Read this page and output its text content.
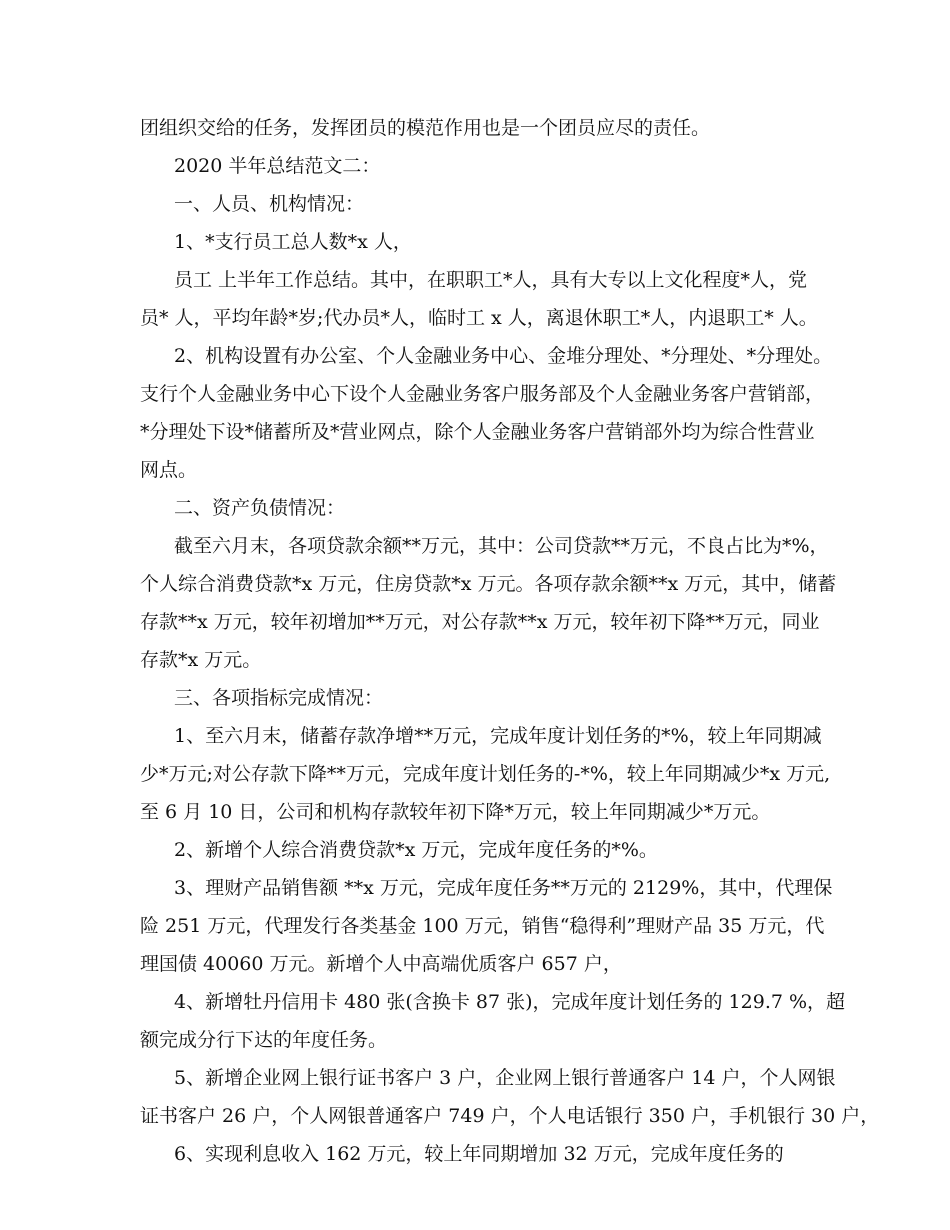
团组织交给的任务，发挥团员的模范作用也是一个团员应尽的责任。
2020 半年总结范文二：
一、人员、机构情况：
1、*支行员工总人数*x 人，
员工 上半年工作总结。其中，在职职工*人，具有大专以上文化程度*人，党
员* 人，平均年龄*岁;代办员*人，临时工 x 人，离退休职工*人，内退职工* 人。
2、机构设置有办公室、个人金融业务中心、金堆分理处、*分理处、*分理处。
支行个人金融业务中心下设个人金融业务客户服务部及个人金融业务客户营销部，
*分理处下设*储蓄所及*营业网点，除个人金融业务客户营销部外均为综合性营业
网点。
二、资产负债情况：
截至六月末，各项贷款余额**万元，其中：公司贷款**万元，不良占比为*%，
个人综合消费贷款*x 万元，住房贷款*x 万元。各项存款余额**x 万元，其中，储蓄
存款**x 万元，较年初增加**万元，对公存款**x 万元，较年初下降**万元，同业
存款*x 万元。
三、各项指标完成情况：
1、至六月末，储蓄存款净增**万元，完成年度计划任务的*%，较上年同期减
少*万元;对公存款下降**万元，完成年度计划任务的-*%，较上年同期减少*x 万元,
至 6 月 10 日，公司和机构存款较年初下降*万元，较上年同期减少*万元。
2、新增个人综合消费贷款*x 万元，完成年度任务的*%。
3、理财产品销售额 **x 万元，完成年度任务**万元的 2129%，其中，代理保
险 251 万元，代理发行各类基金 100 万元，销售“稳得利”理财产品 35 万元，代
理国债 40060 万元。新增个人中高端优质客户 657 户，
4、新增牡丹信用卡 480 张(含换卡 87 张)，完成年度计划任务的 129.7 %，超
额完成分行下达的年度任务。
5、新增企业网上银行证书客户 3 户，企业网上银行普通客户 14 户，个人网银
证书客户 26 户，个人网银普通客户 749 户，个人电话银行 350 户，手机银行 30 户，
6、实现利息收入 162 万元，较上年同期增加 32 万元，完成年度任务的
